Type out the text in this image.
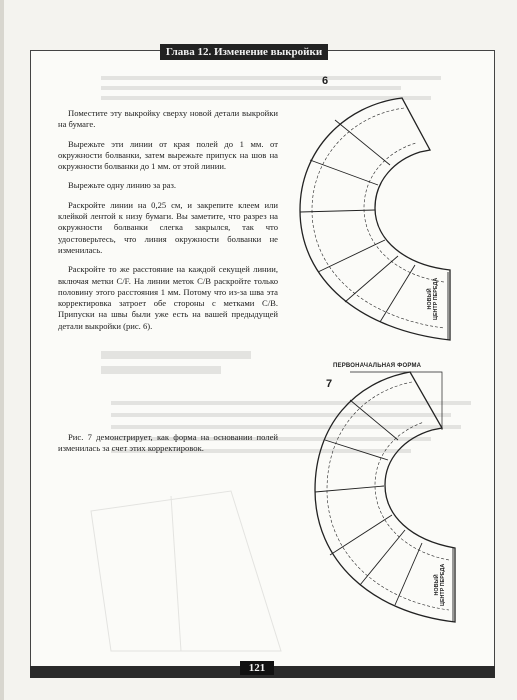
Глава 12. Изменение выкройки

Поместите эту выкройку сверху новой детали выкройки на бумаге.

Вырежьте эти линии от края полей до 1 мм. от окружности болванки, затем вырежьте припуск на шов на окружности болванки до 1 мм. от этой линии.

Вырежьте одну линию за раз.

Раскройте линии на 0,25 см, и закрепите клеем или клейкой лентой к низу бумаги. Вы заметите, что разрез на окружности болванки слегка закрылся, так что удостоверьтесь, что линия окружности болванки не изменилась.

Раскройте то же расстояние на каждой секущей линии, включая метки C/F. На линии меток C/B раскройте только половину этого расстояния 1 мм. Потому что из-за шва эта корректировка затроет обе стороны с метками C/B. Припуски на швы были уже есть на вашей предыдущей детали выкройки (рис. 6).

Рис. 7 демонстрирует, как форма на основании полей изменилась за счет этих корректировок.

6
НОВЫЙ ЦЕНТР ПЕРЕДА
ПЕРВОНАЧАЛЬНАЯ ФОРМА
7
НОВЫЙ ЦЕНТР ПЕРЕДА
121
